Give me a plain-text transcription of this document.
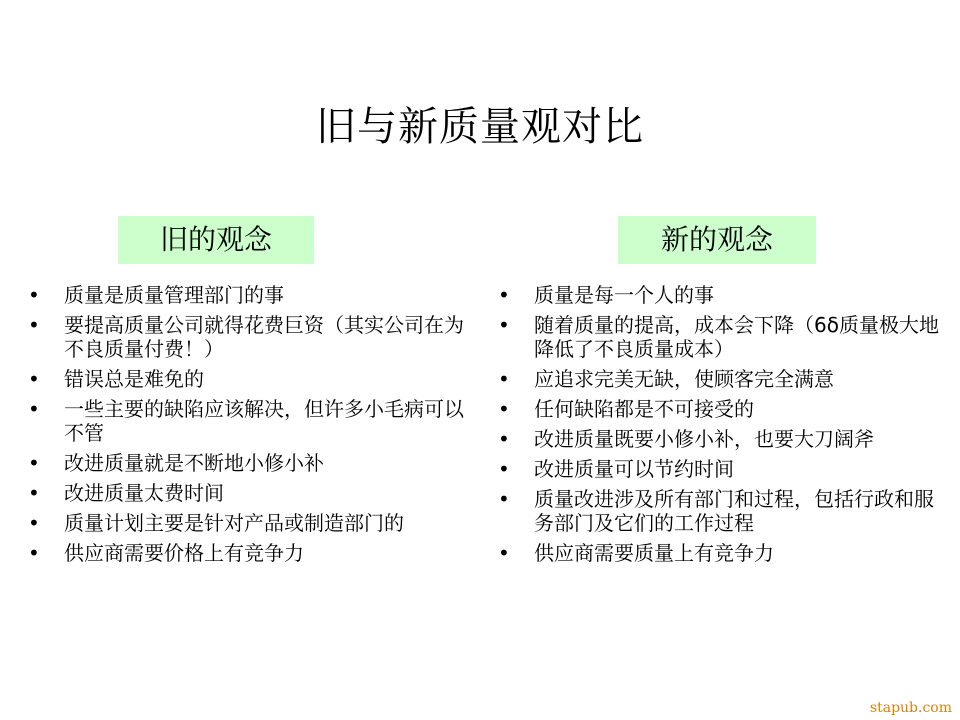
旧与新质量观对比
旧的观念	新的观念
• 质量是质量管理部门的事
• 要提高质量公司就得花费巨资（其实公司在为不良质量付费！）
• 错误总是难免的
• 一些主要的缺陷应该解决，但许多小毛病可以不管
• 改进质量就是不断地小修小补
• 改进质量太费时间
• 质量计划主要是针对产品或制造部门的
• 供应商需要价格上有竞争力
• 质量是每一个人的事
• 随着质量的提高，成本会下降（6δ质量极大地降低了不良质量成本）
• 应追求完美无缺，使顾客完全满意
• 任何缺陷都是不可接受的
• 改进质量既要小修小补，也要大刀阔斧
• 改进质量可以节约时间
• 质量改进涉及所有部门和过程，包括行政和服务部门及它们的工作过程
• 供应商需要质量上有竞争力
stapub.com
